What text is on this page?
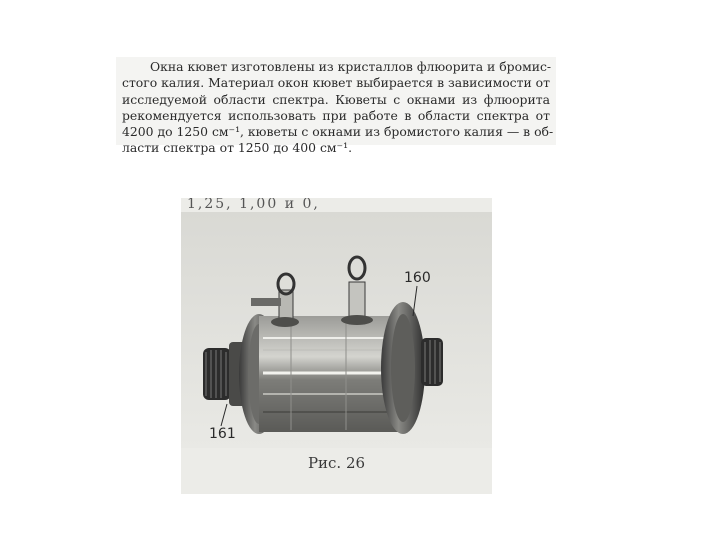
Окна кювет изготовлены из кристаллов флюорита и бромис-
стого калия. Материал окон кювет выбирается в зависимости от
исследуемой области спектра. Кюветы с окнами из флюорита
рекомендуется использовать при работе в области спектра от
4200 до 1250 см⁻¹, кюветы с окнами из бромистого калия — в об-
ласти спектра от 1250 до 400 см⁻¹.
1,25, 1,00 и 0,
160
161
Рис. 26
